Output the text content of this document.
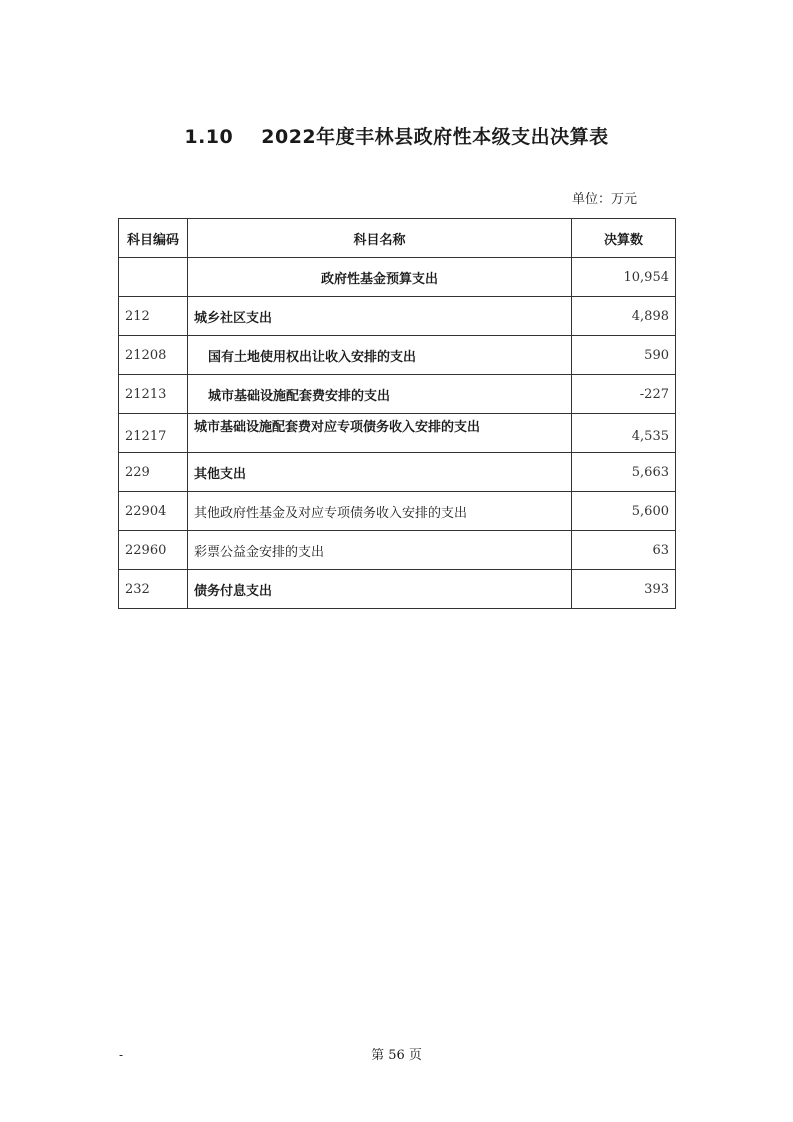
1.10 2022年度丰林县政府性本级支出决算表
单位：万元
科目编码	科目名称	决算数
	政府性基金预算支出	10,954
212	城乡社区支出	4,898
21208	国有土地使用权出让收入安排的支出	590
21213	城市基础设施配套费安排的支出	-227
21217	城市基础设施配套费对应专项债务收入安排的支出	4,535
229	其他支出	5,663
22904	其他政府性基金及对应专项债务收入安排的支出	5,600
22960	彩票公益金安排的支出	63
232	债务付息支出	393
-	第 56 页
